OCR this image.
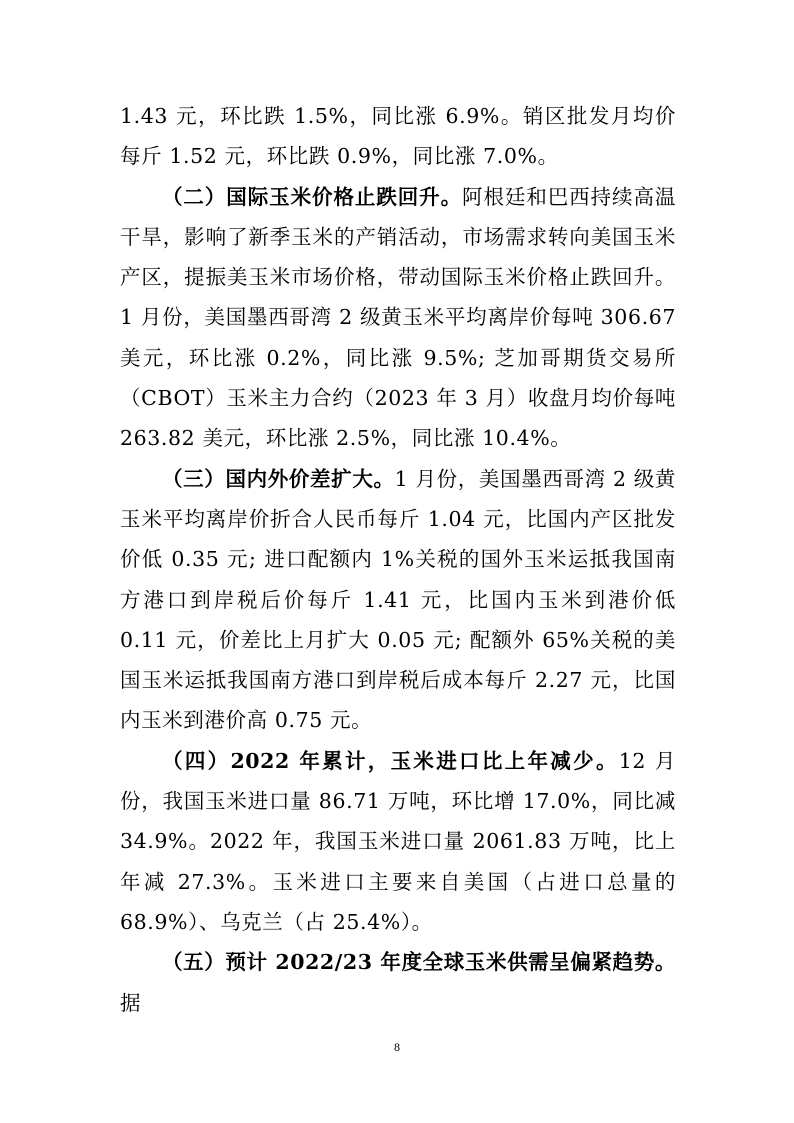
1.43 元，环比跌 1.5%，同比涨 6.9%。销区批发月均价每斤 1.52 元，环比跌 0.9%，同比涨 7.0%。

（二）国际玉米价格止跌回升。阿根廷和巴西持续高温干旱，影响了新季玉米的产销活动，市场需求转向美国玉米产区，提振美玉米市场价格，带动国际玉米价格止跌回升。1 月份，美国墨西哥湾 2 级黄玉米平均离岸价每吨 306.67 美元，环比涨 0.2%，同比涨 9.5%; 芝加哥期货交易所（CBOT）玉米主力合约（2023 年 3 月）收盘月均价每吨 263.82 美元，环比涨 2.5%，同比涨 10.4%。

（三）国内外价差扩大。1 月份，美国墨西哥湾 2 级黄玉米平均离岸价折合人民币每斤 1.04 元，比国内产区批发价低 0.35 元; 进口配额内 1%关税的国外玉米运抵我国南方港口到岸税后价每斤 1.41 元，比国内玉米到港价低 0.11 元，价差比上月扩大 0.05 元; 配额外 65%关税的美国玉米运抵我国南方港口到岸税后成本每斤 2.27 元，比国内玉米到港价高 0.75 元。

（四）2022 年累计，玉米进口比上年减少。12 月份，我国玉米进口量 86.71 万吨，环比增 17.0%，同比减 34.9%。2022 年，我国玉米进口量 2061.83 万吨，比上年减 27.3%。玉米进口主要来自美国（占进口总量的 68.9%）、乌克兰（占 25.4%）。

（五）预计 2022/23 年度全球玉米供需呈偏紧趋势。据

8
